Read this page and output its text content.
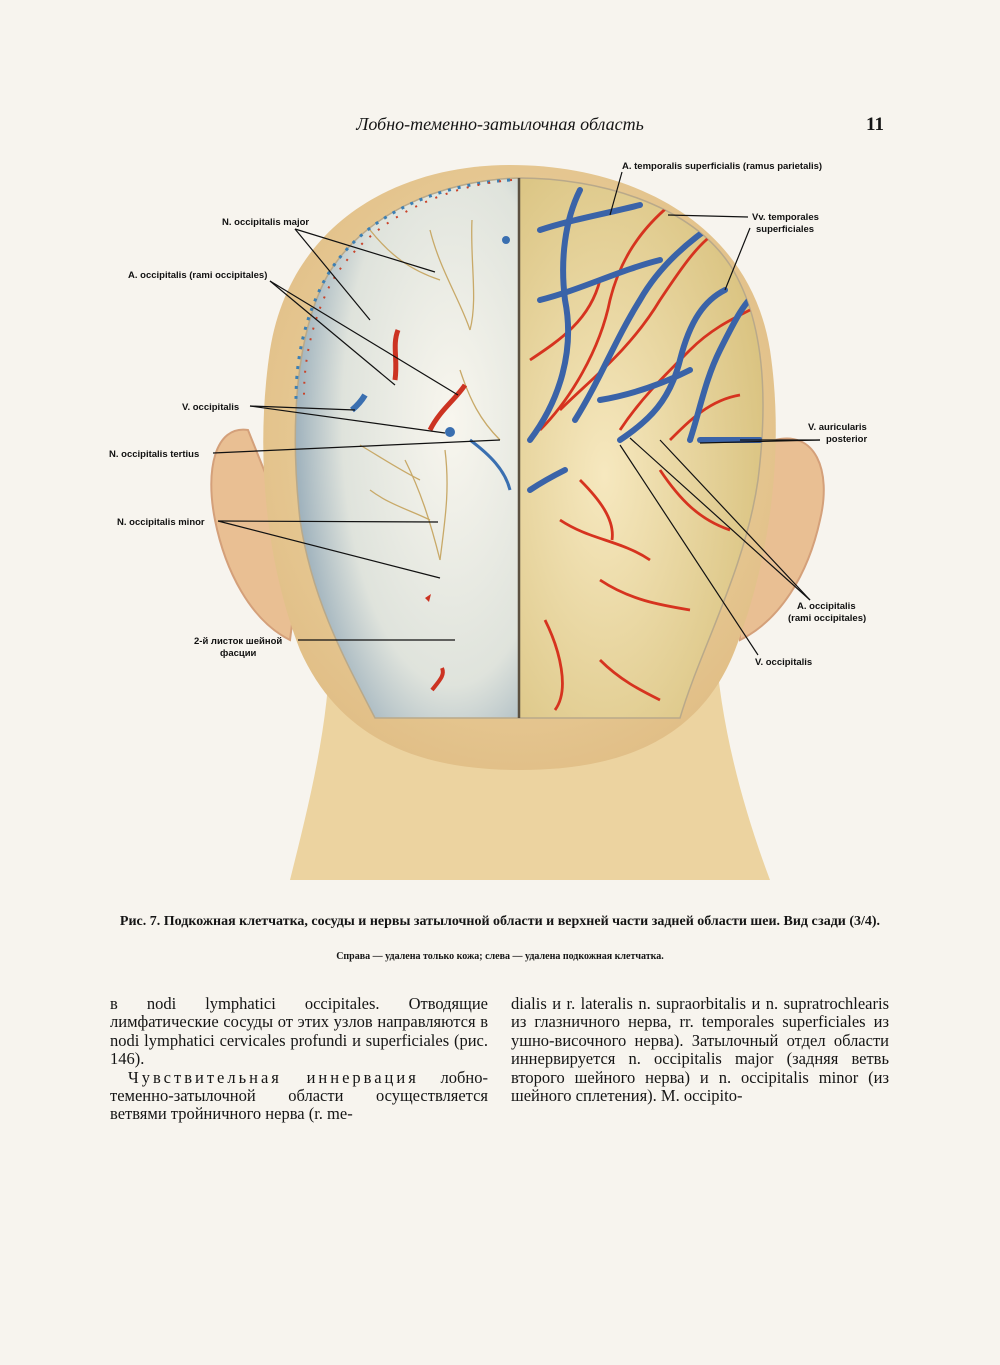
Лобно-теменно-затылочная область	11
A. temporalis superficialis (ramus parietalis)
Vv. temporales
superficiales
N. occipitalis major
A. occipitalis (rami occipitales)
V. occipitalis
N. occipitalis tertius
V. auricularis
posterior
N. occipitalis minor
A. occipitalis
(rami occipitales)
2-й листок шейной
фасции
V. occipitalis
Рис. 7. Подкожная клетчатка, сосуды и нервы затылочной области и верхней части задней области шеи. Вид сзади (3/4).
Справа — удалена только кожа; слева — удалена подкожная клетчатка.

в nodi lymphatici occipitales. Отводящие лимфатические сосуды от этих узлов направляются в nodi lymphatici cervicales profundi и superficiales (рис. 146).

Чувствительная иннервация лобно-теменно-затылочной области осуществляется ветвями тройничного нерва (r. me-

dialis и r. lateralis n. supraorbitalis и n. supratrochlearis из глазничного нерва, rr. temporales superficiales из ушно-височного нерва). Затылочный отдел области иннервируется n. occipitalis major (задняя ветвь второго шейного нерва) и n. occipitalis minor (из шейного сплетения). M. occipito-
